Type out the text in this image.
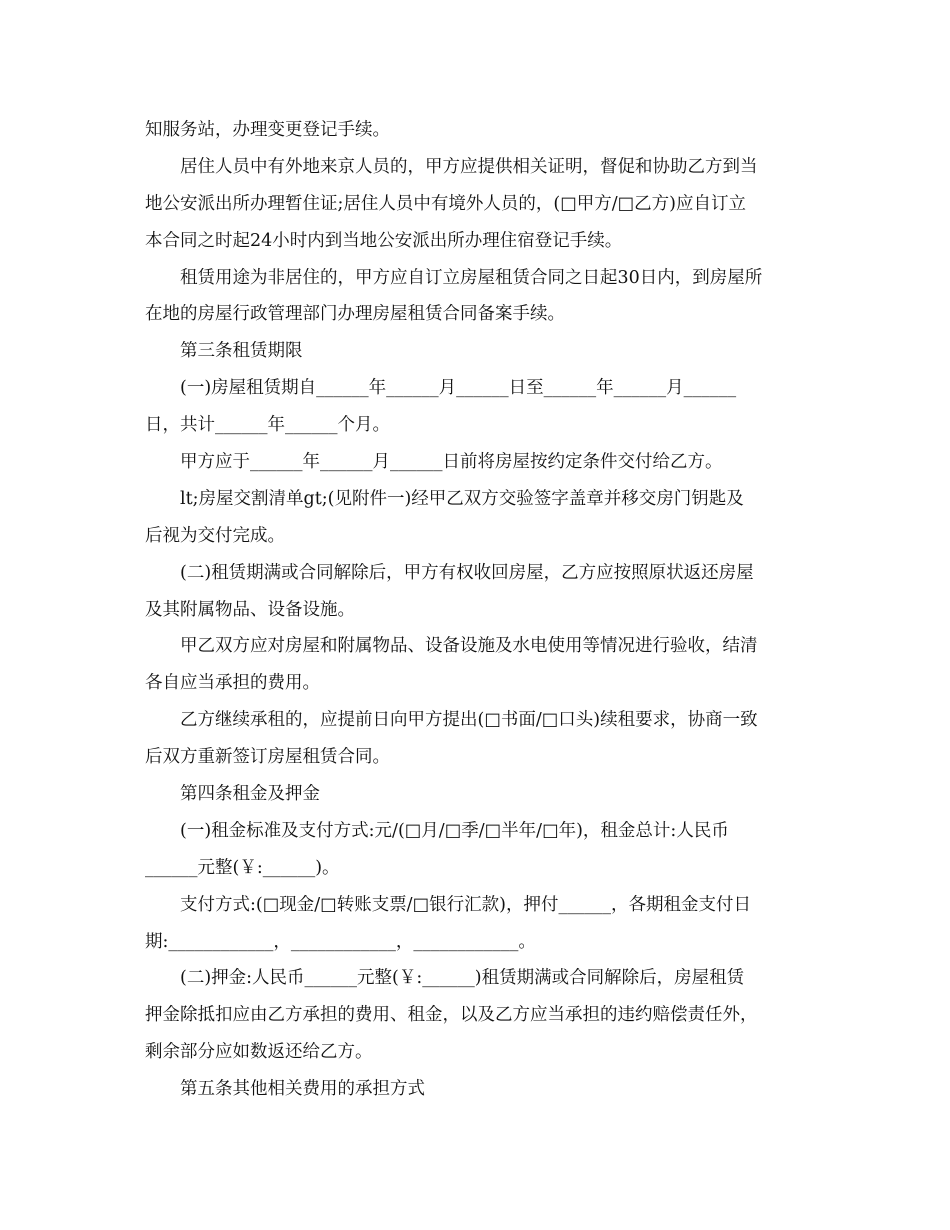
知服务站，办理变更登记手续。
居住人员中有外地来京人员的，甲方应提供相关证明，督促和协助乙方到当
地公安派出所办理暂住证;居住人员中有境外人员的，(□甲方/□乙方)应自订立
本合同之时起24小时内到当地公安派出所办理住宿登记手续。
租赁用途为非居住的，甲方应自订立房屋租赁合同之日起30日内，到房屋所
在地的房屋行政管理部门办理房屋租赁合同备案手续。
第三条租赁期限
(一)房屋租赁期自______年______月______日至______年______月______
日，共计______年______个月。
甲方应于______年______月______日前将房屋按约定条件交付给乙方。
lt;房屋交割清单gt;(见附件一)经甲乙双方交验签字盖章并移交房门钥匙及
后视为交付完成。
(二)租赁期满或合同解除后，甲方有权收回房屋，乙方应按照原状返还房屋
及其附属物品、设备设施。
甲乙双方应对房屋和附属物品、设备设施及水电使用等情况进行验收，结清
各自应当承担的费用。
乙方继续承租的，应提前日向甲方提出(□书面/□口头)续租要求，协商一致
后双方重新签订房屋租赁合同。
第四条租金及押金
(一)租金标准及支付方式:元/(□月/□季/□半年/□年)，租金总计:人民币
______元整(￥:______)。
支付方式:(□现金/□转账支票/□银行汇款)，押付______，各期租金支付日
期:____________，____________，____________。
(二)押金:人民币______元整(￥:______)租赁期满或合同解除后，房屋租赁
押金除抵扣应由乙方承担的费用、租金，以及乙方应当承担的违约赔偿责任外，
剩余部分应如数返还给乙方。
第五条其他相关费用的承担方式
